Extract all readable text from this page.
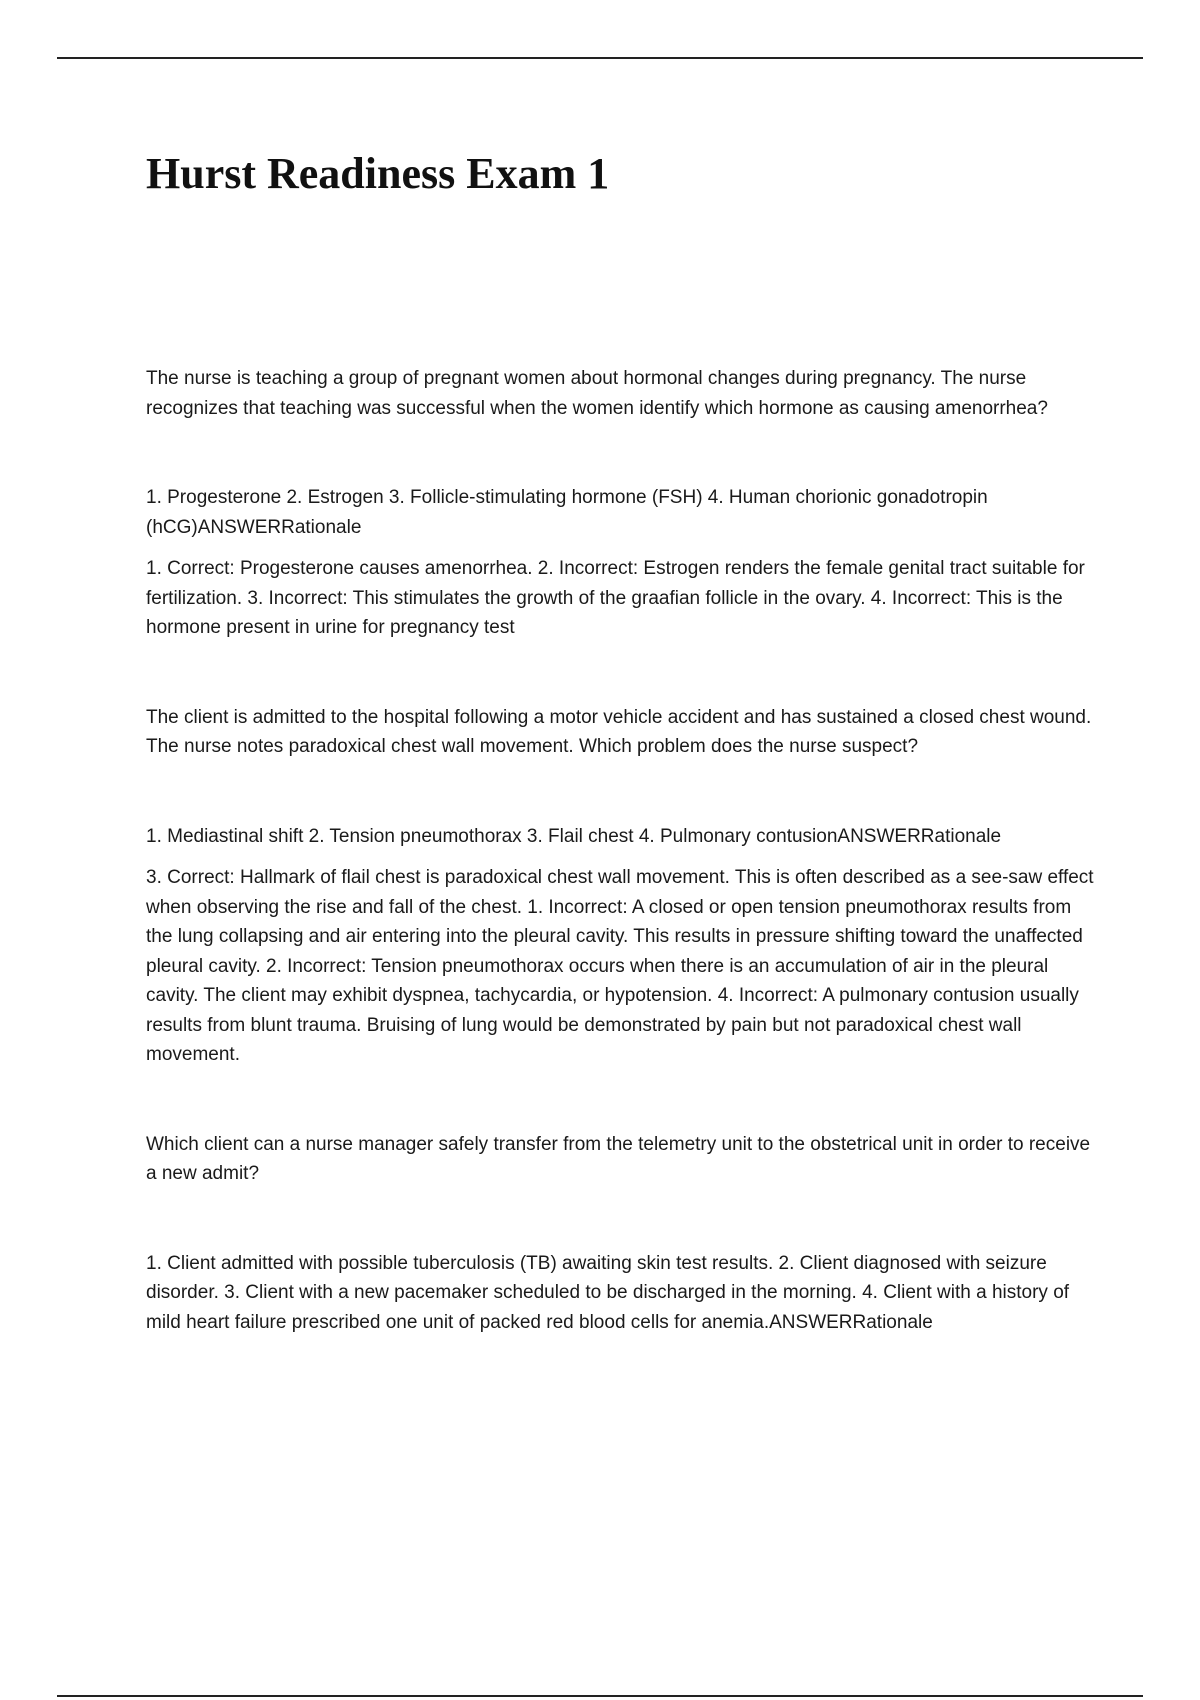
Hurst Readiness Exam 1

The nurse is teaching a group of pregnant women about hormonal changes during pregnancy. The nurse recognizes that teaching was successful when the women identify which hormone as causing amenorrhea?

1. Progesterone 2. Estrogen 3. Follicle-stimulating hormone (FSH) 4. Human chorionic gonadotropin (hCG)ANSWERRationale

1. Correct: Progesterone causes amenorrhea. 2. Incorrect: Estrogen renders the female genital tract suitable for fertilization. 3. Incorrect: This stimulates the growth of the graafian follicle in the ovary. 4. Incorrect: This is the hormone present in urine for pregnancy test

The client is admitted to the hospital following a motor vehicle accident and has sustained a closed chest wound. The nurse notes paradoxical chest wall movement. Which problem does the nurse suspect?

1. Mediastinal shift 2. Tension pneumothorax 3. Flail chest 4. Pulmonary contusionANSWERRationale

3. Correct: Hallmark of flail chest is paradoxical chest wall movement. This is often described as a see-saw effect when observing the rise and fall of the chest. 1. Incorrect: A closed or open tension pneumothorax results from the lung collapsing and air entering into the pleural cavity. This results in pressure shifting toward the unaffected pleural cavity. 2. Incorrect: Tension pneumothorax occurs when there is an accumulation of air in the pleural cavity. The client may exhibit dyspnea, tachycardia, or hypotension. 4. Incorrect: A pulmonary contusion usually results from blunt trauma. Bruising of lung would be demonstrated by pain but not paradoxical chest wall movement.

Which client can a nurse manager safely transfer from the telemetry unit to the obstetrical unit in order to receive a new admit?

1. Client admitted with possible tuberculosis (TB) awaiting skin test results. 2. Client diagnosed with seizure disorder. 3. Client with a new pacemaker scheduled to be discharged in the morning. 4. Client with a history of mild heart failure prescribed one unit of packed red blood cells for anemia.ANSWERRationale
